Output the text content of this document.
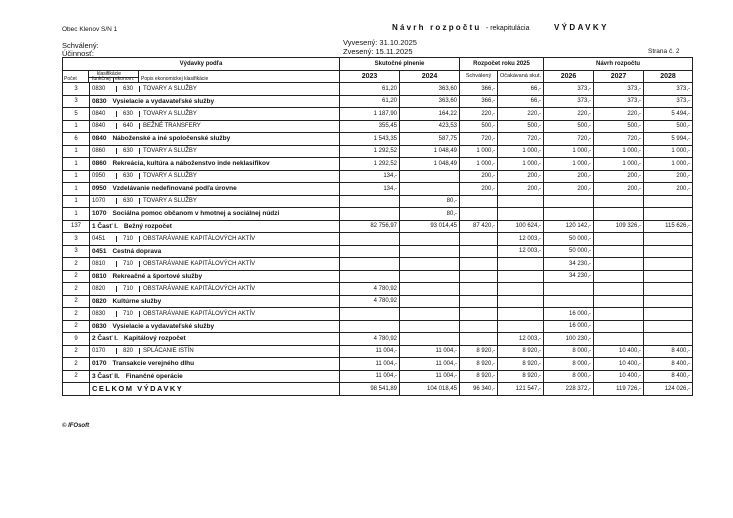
Obec Klenov S/N 1	Návrh rozpočtu - rekapitulácia	VÝDAVKY
Schválený:
Účinnosť:
Vyvesený: 31.10.2025
Zvesený: 15.11.2025	Strana č. 2
Výdavky podľa		Skutočné plnenie		Rozpočet roku 2025		Návrh rozpočtu		

klasifikácie
Počet funkčnej ekonom. Popis ekonomickej klasifikácie		2023	2024	Schválený	Očakávaná skut.	2026	2027	2028

3	0830 630 TOVARY A SLUŽBY	61,20	363,60	366,-	66,-	373,-	373,-	373,-
3	0830 Vysielacie a vydavateľské služby	61,20	363,60	366,-	66,-	373,-	373,-	373,-
5	0840 630 TOVARY A SLUŽBY	1 187,90	164,22	220,-	220,-	220,-	220,-	5 494,-
1	0840 640 BEŽNÉ TRANSFERY	355,45	423,53	500,-	500,-	500,-	500,-	500,-
6	0840 Náboženské a iné spoločenské služby	1 543,35	587,75	720,-	720,-	720,-	720,-	5 994,-
1	0860 630 TOVARY A SLUŽBY	1 292,52	1 048,49	1 000,-	1 000,-	1 000,-	1 000,-	1 000,-
1	0860 Rekreácia, kultúra a náboženstvo inde neklasifikov	1 292,52	1 048,49	1 000,-	1 000,-	1 000,-	1 000,-	1 000,-
1	0950 630 TOVARY A SLUŽBY	134,-		200,-	200,-	200,-	200,-	200,-
1	0950 Vzdelávanie nedefinované podľa úrovne	134,-		200,-	200,-	200,-	200,-	200,-
1	1070 630 TOVARY A SLUŽBY		80,-					
1	1070 Sociálna pomoc občanom v hmotnej a sociálnej núdzi		80,-					
137	1 Časť I. Bežný rozpočet	82 756,97	93 014,45	87 420,-	100 624,-	120 142,-	109 326,-	115 626,-
3	0451 710 OBSTARÁVANIE KAPITÁLOVÝCH AKTÍV				12 003,-	50 000,-		
3	0451 Cestná doprava				12 003,-	50 000,-		
2	0810 710 OBSTARÁVANIE KAPITÁLOVÝCH AKTÍV					34 230,-		
2	0810 Rekreačné a športové služby					34 230,-		
2	0820 710 OBSTARÁVANIE KAPITÁLOVÝCH AKTÍV	4 780,92						
2	0820 Kultúrne služby	4 780,92						
2	0830 710 OBSTARÁVANIE KAPITÁLOVÝCH AKTÍV					16 000,-		
2	0830 Vysielacie a vydavateľské služby					16 000,-		
9	2 Časť I. Kapitálový rozpočet	4 780,92			12 003,-	100 230,-		
2	0170 820 SPLÁCANIE ISTÍN	11 004,-	11 004,-	8 920,-	8 920,-	8 000,-	10 400,-	8 400,-
2	0170 Transakcie verejného dlhu	11 004,-	11 004,-	8 920,-	8 920,-	8 000,-	10 400,-	8 400,-
2	3 Časť II. Finančné operácie	11 004,-	11 004,-	8 920,-	8 920,-	8 000,-	10 400,-	8 400,-
	CELKOM VÝDAVKY	98 541,89	104 018,45	96 340,-	121 547,-	228 372,-	119 726,-	124 026,-
© IFOsoft
